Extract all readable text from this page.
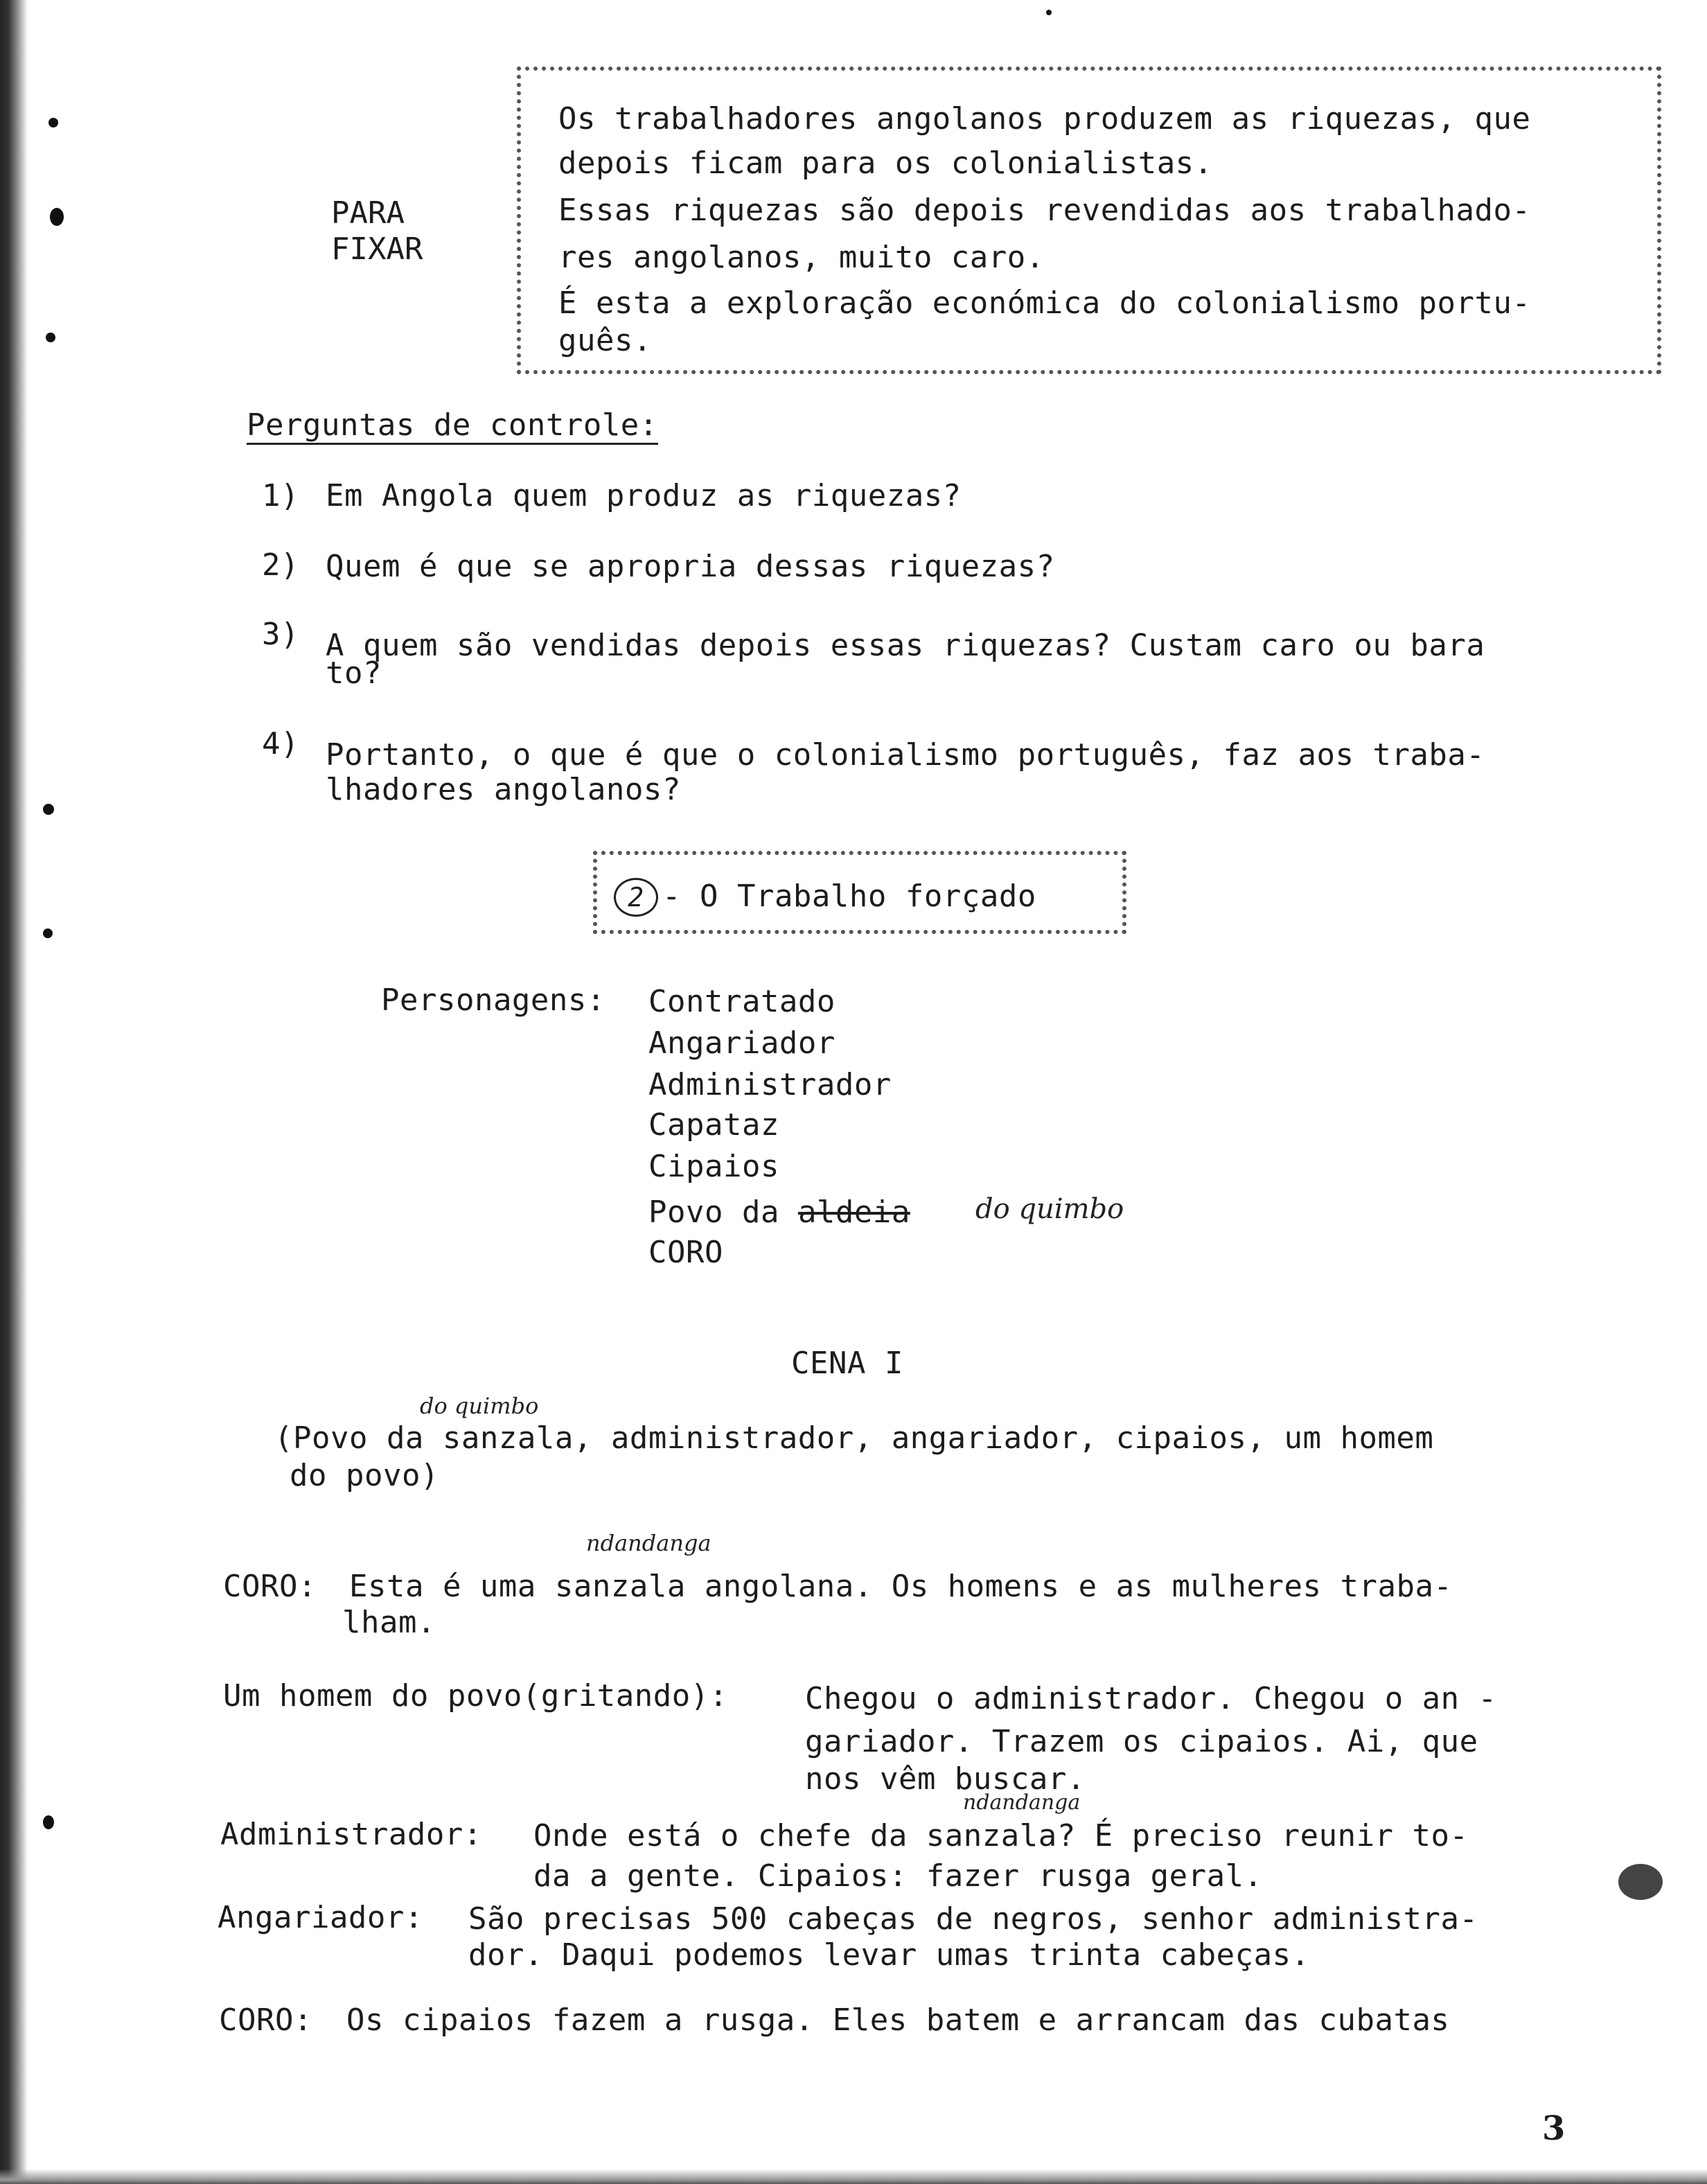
PARA
FIXAR
Os trabalhadores angolanos produzem as riquezas, que
depois ficam para os colonialistas.
Essas riquezas são depois revendidas aos trabalhado-
res angolanos, muito caro.
É esta a exploração económica do colonialismo portu-
guês.
Perguntas de controle:
1) Em Angola quem produz as riquezas?
2) Quem é que se apropria dessas riquezas?
3) A quem são vendidas depois essas riquezas? Custam caro ou bara
to?
4) Portanto, o que é que o colonialismo português, faz aos traba-
lhadores angolanos?
2 - O Trabalho forçado
Personagens: Contratado
Angariador
Administrador
Capataz
Cipaios
Povo da aldeia do quimbo
CORO
CENA I
do quimbo
(Povo da sanzala, administrador, angariador, cipaios, um homem
do povo)
ndandanga
CORO: Esta é uma sanzala angolana. Os homens e as mulheres traba-
lham.
Um homem do povo(gritando):	Chegou o administrador. Chegou o an -
gariador. Trazem os cipaios. Ai, que
nos vêm buscar.
ndandanga
Administrador: Onde está o chefe da sanzala? É preciso reunir to-
da a gente. Cipaios: fazer rusga geral.
Angariador: São precisas 500 cabeças de negros, senhor administra-
dor. Daqui podemos levar umas trinta cabeças.
CORO: Os cipaios fazem a rusga. Eles batem e arrancam das cubatas
3
